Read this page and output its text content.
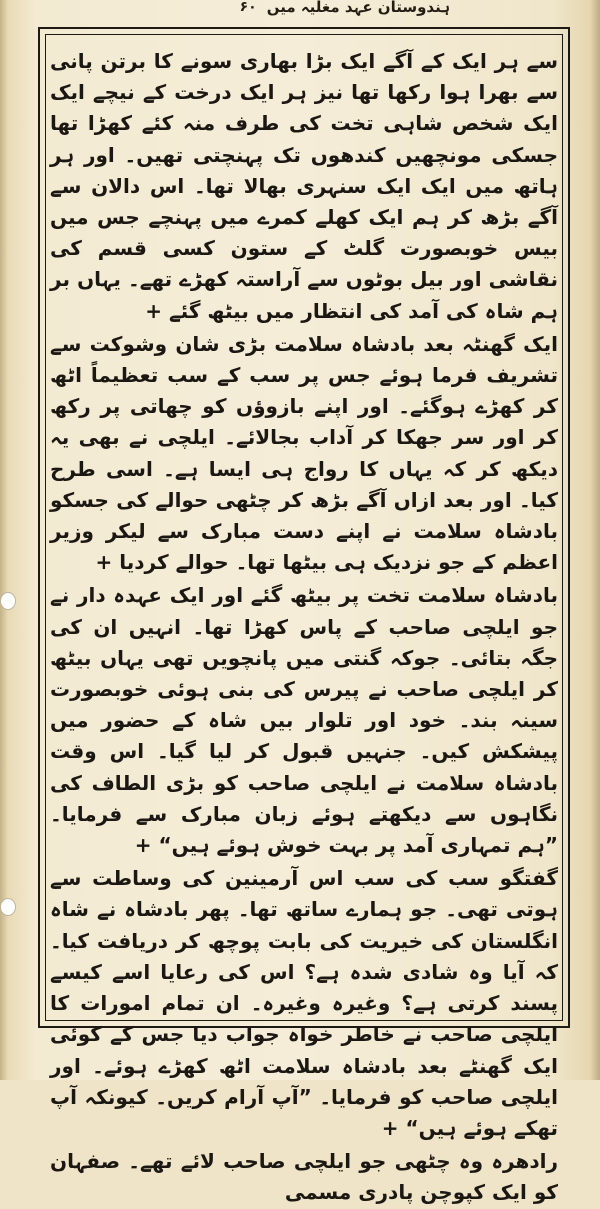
ہندوستان عہد مغلیہ میں
۶۰

سے ہر ایک کے آگے ایک بڑا بھاری سونے کا برتن پانی سے بھرا ہوا رکھا تھا نیز ہر ایک درخت کے نیچے ایک ایک شخص شاہی تخت کی طرف منہ کئے کھڑا تھا جسکی مونچھیں کندھوں تک پہنچتی تھیں۔ اور ہر ہاتھ میں ایک ایک سنہری بھالا تھا۔ اس دالان سے آگے بڑھ کر ہم ایک کھلے کمرے میں پہنچے جس میں بیس خوبصورت گلٹ کے ستون کسی قسم کی نقاشی اور بیل بوٹوں سے آراستہ کھڑے تھے۔ یہاں بر ہم شاہ کی آمد کی انتظار میں بیٹھ گئے +

ایک گھنٹہ بعد بادشاہ سلامت بڑی شان وشوکت سے تشریف فرما ہوئے جس پر سب کے سب تعظیماً اٹھ کر کھڑے ہوگئے۔ اور اپنے بازوؤں کو چھاتی پر رکھ کر اور سر جھکا کر آداب بجالائے۔ ایلچی نے بھی یہ دیکھ کر کہ یہاں کا رواج ہی ایسا ہے۔ اسی طرح کیا۔ اور بعد ازاں آگے بڑھ کر چٹھی حوالے کی جسکو بادشاہ سلامت نے اپنے دست مبارک سے لیکر وزیر اعظم کے جو نزدیک ہی بیٹھا تھا۔ حوالے کردیا +

بادشاہ سلامت تخت پر بیٹھ گئے اور ایک عہدہ دار نے جو ایلچی صاحب کے پاس کھڑا تھا۔ انہیں ان کی جگہ بتائی۔ جوکہ گنتی میں پانچویں تھی یہاں بیٹھ کر ایلچی صاحب نے پیرس کی بنی ہوئی خوبصورت سینہ بند۔ خود اور تلوار بیں شاہ کے حضور میں پیشکش کیں۔ جنہیں قبول کر لیا گیا۔ اس وقت بادشاہ سلامت نے ایلچی صاحب کو بڑی الطاف کی نگاہوں سے دیکھتے ہوئے زبان مبارک سے فرمایا۔ ”ہم تمہاری آمد پر بہت خوش ہوئے ہیں“ +

گفتگو سب کی سب اس آرمینین کی وساطت سے ہوتی تھی۔ جو ہمارے ساتھ تھا۔ پھر بادشاہ نے شاہ انگلستان کی خیریت کی بابت پوچھ کر دریافت کیا۔ کہ آیا وہ شادی شدہ ہے؟ اس کی رعایا اسے کیسے پسند کرتی ہے؟ وغیرہ وغیرہ۔ ان تمام امورات کا ایلچی صاحب نے خاطر خواہ جواب دیا جس کے کوئی ایک گھنٹے بعد بادشاہ سلامت اٹھ کھڑے ہوئے۔ اور ایلچی صاحب کو فرمایا۔ ”آپ آرام کریں۔ کیونکہ آپ تھکے ہوئے ہیں“ +

رادھرہ وہ چٹھی جو ایلچی صاحب لائے تھے۔ صفہان کو ایک کپوچن پادری مسمی
